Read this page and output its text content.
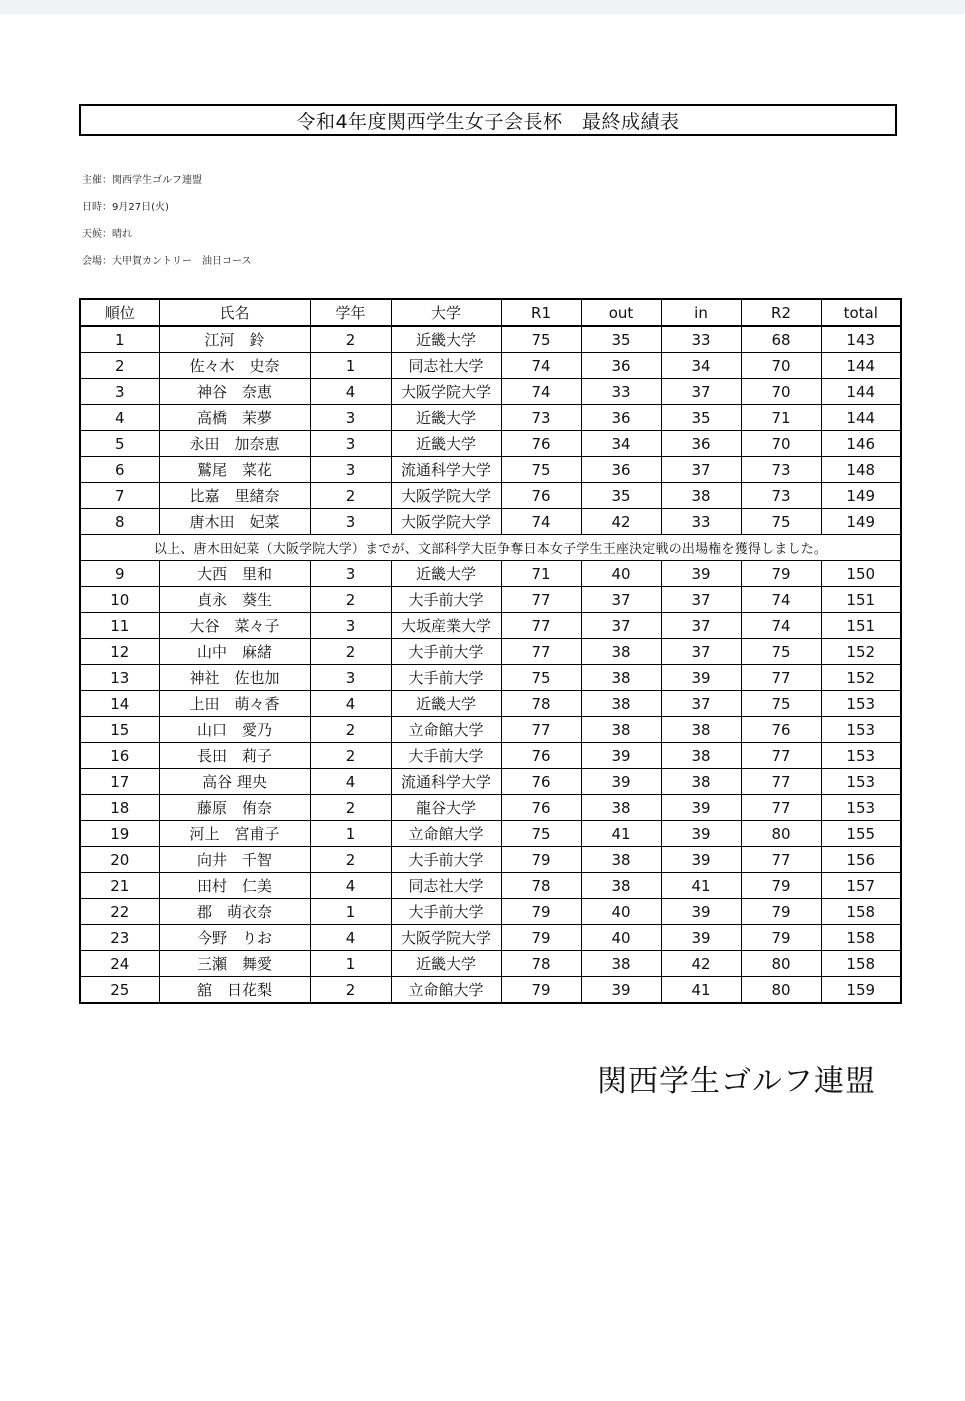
令和4年度関西学生女子会長杯　最終成績表
主催：関西学生ゴルフ連盟
日時：9月27日(火)
天候：晴れ
会場：大甲賀カントリー　油日コース
順位	氏名	学年	大学	R1	out	in	R2	total
1	江河　鈴	2	近畿大学	75	35	33	68	143
2	佐々木　史奈	1	同志社大学	74	36	34	70	144
3	神谷　奈恵	4	大阪学院大学	74	33	37	70	144
4	高橋　茉夢	3	近畿大学	73	36	35	71	144
5	永田　加奈恵	3	近畿大学	76	34	36	70	146
6	鷲尾　菜花	3	流通科学大学	75	36	37	73	148
7	比嘉　里緒奈	2	大阪学院大学	76	35	38	73	149
8	唐木田　妃菜	3	大阪学院大学	74	42	33	75	149
以上、唐木田妃菜（大阪学院大学）までが、文部科学大臣争奪日本女子学生王座決定戦の出場権を獲得しました。								
9	大西　里和	3	近畿大学	71	40	39	79	150
10	貞永　葵生	2	大手前大学	77	37	37	74	151
11	大谷　菜々子	3	大坂産業大学	77	37	37	74	151
12	山中　麻緒	2	大手前大学	77	38	37	75	152
13	神社　佐也加	3	大手前大学	75	38	39	77	152
14	上田　萌々香	4	近畿大学	78	38	37	75	153
15	山口　愛乃	2	立命館大学	77	38	38	76	153
16	長田　莉子	2	大手前大学	76	39	38	77	153
17	高谷 理央	4	流通科学大学	76	39	38	77	153
18	藤原　侑奈	2	龍谷大学	76	38	39	77	153
19	河上　宮甫子	1	立命館大学	75	41	39	80	155
20	向井　千智	2	大手前大学	79	38	39	77	156
21	田村　仁美	4	同志社大学	78	38	41	79	157
22	郡　萌衣奈	1	大手前大学	79	40	39	79	158
23	今野　りお	4	大阪学院大学	79	40	39	79	158
24	三瀬　舞愛	1	近畿大学	78	38	42	80	158
25	舘　日花梨	2	立命館大学	79	39	41	80	159
関西学生ゴルフ連盟
